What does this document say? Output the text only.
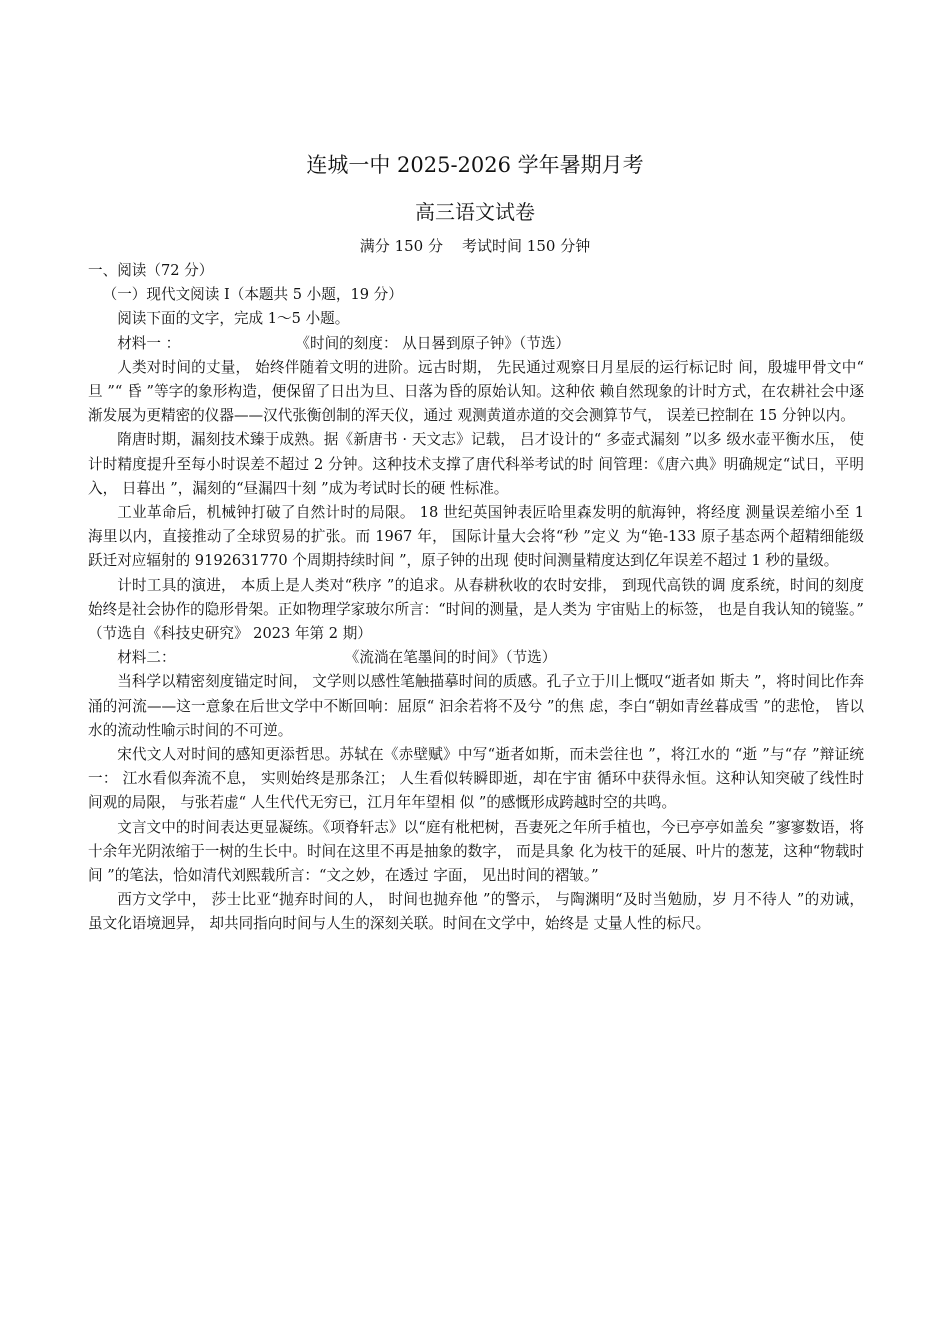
连城一中 2025-2026 学年暑期月考
高三语文试卷
满分 150 分    考试时间 150 分钟

一、阅读（72 分）

（一）现代文阅读 I（本题共 5 小题，19 分）

阅读下面的文字，完成 1～5 小题。

材料一 ：	《时间的刻度： 从日晷到原子钟》（节选）

人类对时间的丈量， 始终伴随着文明的进阶。远古时期， 先民通过观察日月星辰的运行标记时 间，殷墟甲骨文中“ 旦 ”“ 昏 ”等字的象形构造，便保留了日出为旦、日落为昏的原始认知。这种依 赖自然现象的计时方式，在农耕社会中逐渐发展为更精密的仪器——汉代张衡创制的浑天仪，通过 观测黄道赤道的交会测算节气， 误差已控制在 15 分钟以内。

隋唐时期，漏刻技术臻于成熟。据《新唐书 · 天文志》记载， 吕才设计的“ 多壶式漏刻 ”以多 级水壶平衡水压， 使计时精度提升至每小时误差不超过 2 分钟。这种技术支撑了唐代科举考试的时 间管理：《唐六典》明确规定“试日，平明入， 日暮出 ”，漏刻的“昼漏四十刻 ”成为考试时长的硬 性标准。

工业革命后，机械钟打破了自然计时的局限。 18 世纪英国钟表匠哈里森发明的航海钟，将经度 测量误差缩小至 1 海里以内，直接推动了全球贸易的扩张。而 1967 年， 国际计量大会将“秒 ”定义 为“铯-133 原子基态两个超精细能级跃迁对应辐射的 9192631770 个周期持续时间 ”，原子钟的出现 使时间测量精度达到亿年误差不超过 1 秒的量级。

计时工具的演进， 本质上是人类对“秩序 ”的追求。从春耕秋收的农时安排， 到现代高铁的调 度系统，时间的刻度始终是社会协作的隐形骨架。正如物理学家玻尔所言：“时间的测量，是人类为 宇宙贴上的标签， 也是自我认知的镜鉴。”

（节选自《科技史研究》 2023 年第 2 期）

材料二：	《流淌在笔墨间的时间》（节选）

当科学以精密刻度锚定时间， 文学则以感性笔触描摹时间的质感。孔子立于川上慨叹“逝者如 斯夫 ”，将时间比作奔涌的河流——这一意象在后世文学中不断回响：屈原“ 汩余若将不及兮 ”的焦 虑，李白“朝如青丝暮成雪 ”的悲怆， 皆以水的流动性喻示时间的不可逆。

宋代文人对时间的感知更添哲思。苏轼在《赤壁赋》中写“逝者如斯，而未尝往也 ”，将江水的 “逝 ”与“存 ”辩证统一： 江水看似奔流不息， 实则始终是那条江； 人生看似转瞬即逝，却在宇宙 循环中获得永恒。这种认知突破了线性时间观的局限， 与张若虚“ 人生代代无穷已，江月年年望相 似 ”的感慨形成跨越时空的共鸣。

文言文中的时间表达更显凝练。《项脊轩志》以“庭有枇杷树，吾妻死之年所手植也，今已亭亭如盖矣 ”寥寥数语，将十余年光阴浓缩于一树的生长中。时间在这里不再是抽象的数字， 而是具象 化为枝干的延展、叶片的葱茏，这种“物载时间 ”的笔法，恰如清代刘熙载所言：“文之妙，在透过 字面， 见出时间的褶皱。”

西方文学中， 莎士比亚“抛弃时间的人， 时间也抛弃他 ”的警示， 与陶渊明“及时当勉励，岁 月不待人 ”的劝诫， 虽文化语境迥异， 却共同指向时间与人生的深刻关联。时间在文学中，始终是 丈量人性的标尺。
